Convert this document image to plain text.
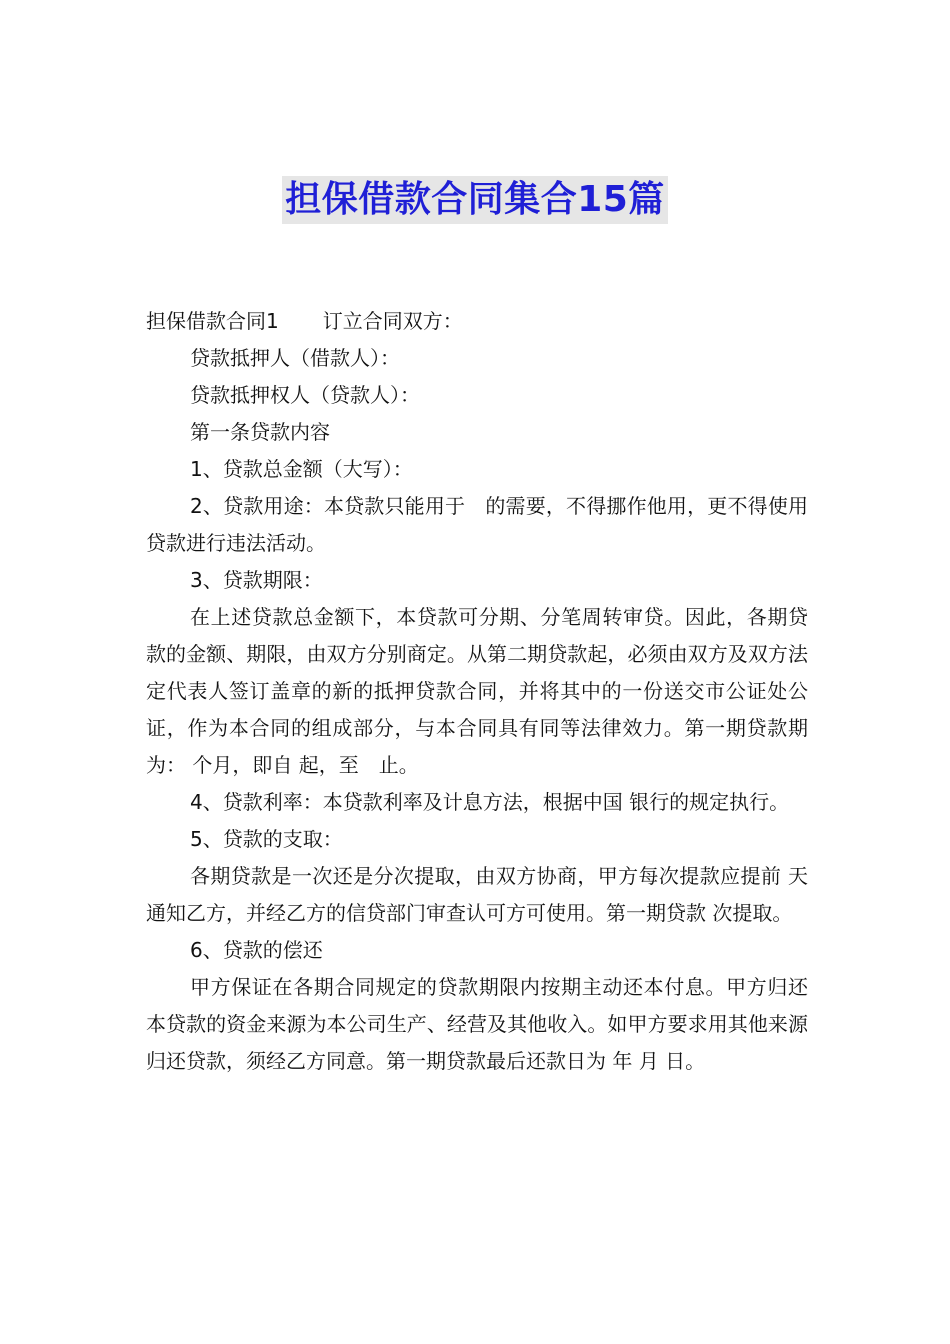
担保借款合同集合15篇

担保借款合同1 订立合同双方：

贷款抵押人（借款人）：

贷款抵押权人（贷款人）：

第一条贷款内容

1、贷款总金额（大写）：

2、贷款用途：本贷款只能用于　的需要，不得挪作他用，更不得使用贷款进行违法活动。

3、贷款期限：

在上述贷款总金额下，本贷款可分期、分笔周转审贷。因此，各期贷款的金额、期限，由双方分别商定。从第二期贷款起，必须由双方及双方法定代表人签订盖章的新的抵押贷款合同，并将其中的一份送交市公证处公证，作为本合同的组成部分，与本合同具有同等法律效力。第一期贷款期为： 个月，即自 起，至　止。

4、贷款利率：本贷款利率及计息方法，根据中国 银行的规定执行。

5、贷款的支取：

各期贷款是一次还是分次提取，由双方协商，甲方每次提款应提前 天通知乙方，并经乙方的信贷部门审查认可方可使用。第一期贷款 次提取。

6、贷款的偿还

甲方保证在各期合同规定的贷款期限内按期主动还本付息。甲方归还本贷款的资金来源为本公司生产、经营及其他收入。如甲方要求用其他来源归还贷款，须经乙方同意。第一期贷款最后还款日为 年 月 日。
